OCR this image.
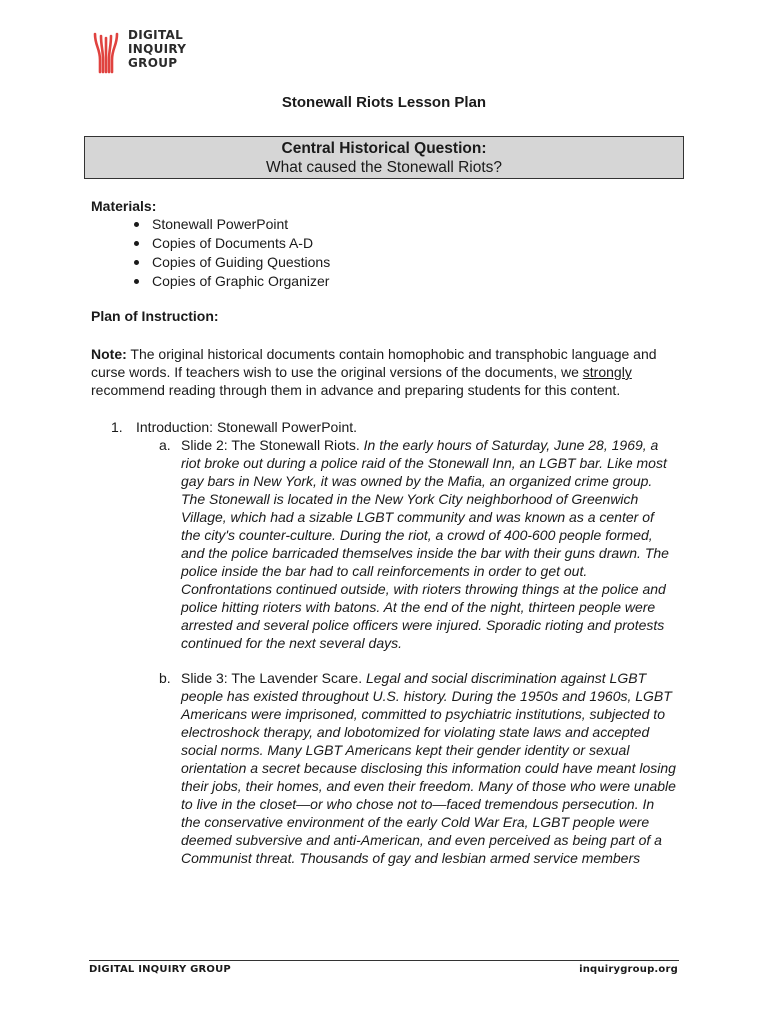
DIGITAL
INQUIRY
GROUP
Stonewall Riots Lesson Plan
Central Historical Question:
What caused the Stonewall Riots?
Materials:
Stonewall PowerPoint
Copies of Documents A-D
Copies of Guiding Questions
Copies of Graphic Organizer
Plan of Instruction:

Note: The original historical documents contain homophobic and transphobic language and curse words. If teachers wish to use the original versions of the documents, we strongly recommend reading through them in advance and preparing students for this content.

1. Introduction: Stonewall PowerPoint.
a. Slide 2: The Stonewall Riots. In the early hours of Saturday, June 28, 1969, a riot broke out during a police raid of the Stonewall Inn, an LGBT bar. Like most gay bars in New York, it was owned by the Mafia, an organized crime group. The Stonewall is located in the New York City neighborhood of Greenwich Village, which had a sizable LGBT community and was known as a center of the city's counter-culture. During the riot, a crowd of 400-600 people formed, and the police barricaded themselves inside the bar with their guns drawn. The police inside the bar had to call reinforcements in order to get out. Confrontations continued outside, with rioters throwing things at the police and police hitting rioters with batons. At the end of the night, thirteen people were arrested and several police officers were injured. Sporadic rioting and protests continued for the next several days.
b. Slide 3: The Lavender Scare. Legal and social discrimination against LGBT people has existed throughout U.S. history. During the 1950s and 1960s, LGBT Americans were imprisoned, committed to psychiatric institutions, subjected to electroshock therapy, and lobotomized for violating state laws and accepted social norms. Many LGBT Americans kept their gender identity or sexual orientation a secret because disclosing this information could have meant losing their jobs, their homes, and even their freedom. Many of those who were unable to live in the closet—or who chose not to—faced tremendous persecution. In the conservative environment of the early Cold War Era, LGBT people were deemed subversive and anti-American, and even perceived as being part of a Communist threat. Thousands of gay and lesbian armed service members
DIGITAL INQUIRY GROUP	inquirygroup.org
